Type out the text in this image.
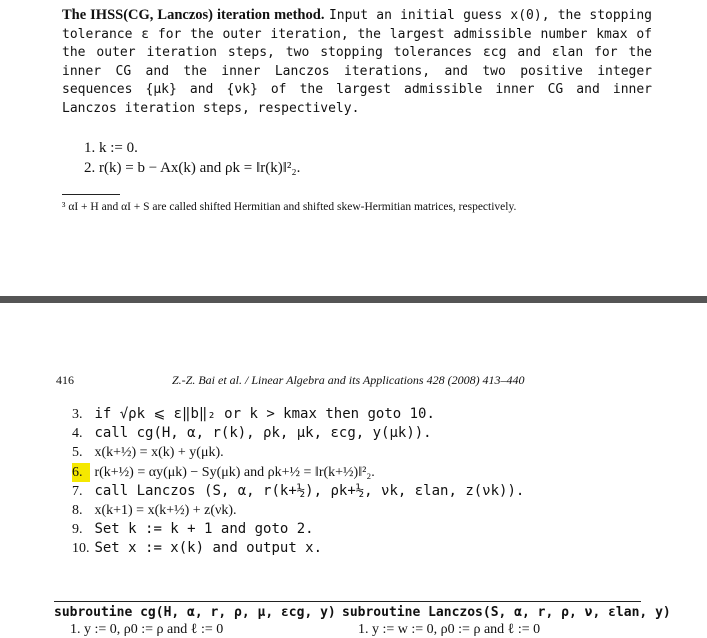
The IHSS(CG, Lanczos) iteration method. Input an initial guess x(0), the stopping tolerance ε for the outer iteration, the largest admissible number kmax of the outer iteration steps, two stopping tolerances εcg and εlan for the inner CG and the inner Lanczos iterations, and two positive integer sequences {μk} and {νk} of the largest admissible inner CG and inner Lanczos iteration steps, respectively.
1. k := 0.
2. r(k) = b − Ax(k) and ρk = ‖r(k)‖²₂.
³ αI + H and αI + S are called shifted Hermitian and shifted skew-Hermitian matrices, respectively.
416	Z.-Z. Bai et al. / Linear Algebra and its Applications 428 (2008) 413–440
3. if √ρk ⩽ ε‖b‖₂ or k > kmax then goto 10.
4. call cg(H, α, r(k), ρk, μk, εcg, y(μk)).
5. x(k+½) = x(k) + y(μk).
6. r(k+½) = αy(μk) − Sy(μk) and ρk+½ = ‖r(k+½)‖²₂.
7. call Lanczos (S, α, r(k+½), ρk+½, νk, εlan, z(νk)).
8. x(k+1) = x(k+½) + z(νk).
9. Set k := k + 1 and goto 2.
10. Set x := x(k) and output x.
subroutine cg(H, α, r, ρ, μ, εcg, y)
1. y := 0, ρ0 := ρ and ℓ := 0
subroutine Lanczos(S, α, r, ρ, ν, εlan, y)
1. y := w := 0, ρ0 := ρ and ℓ := 0
